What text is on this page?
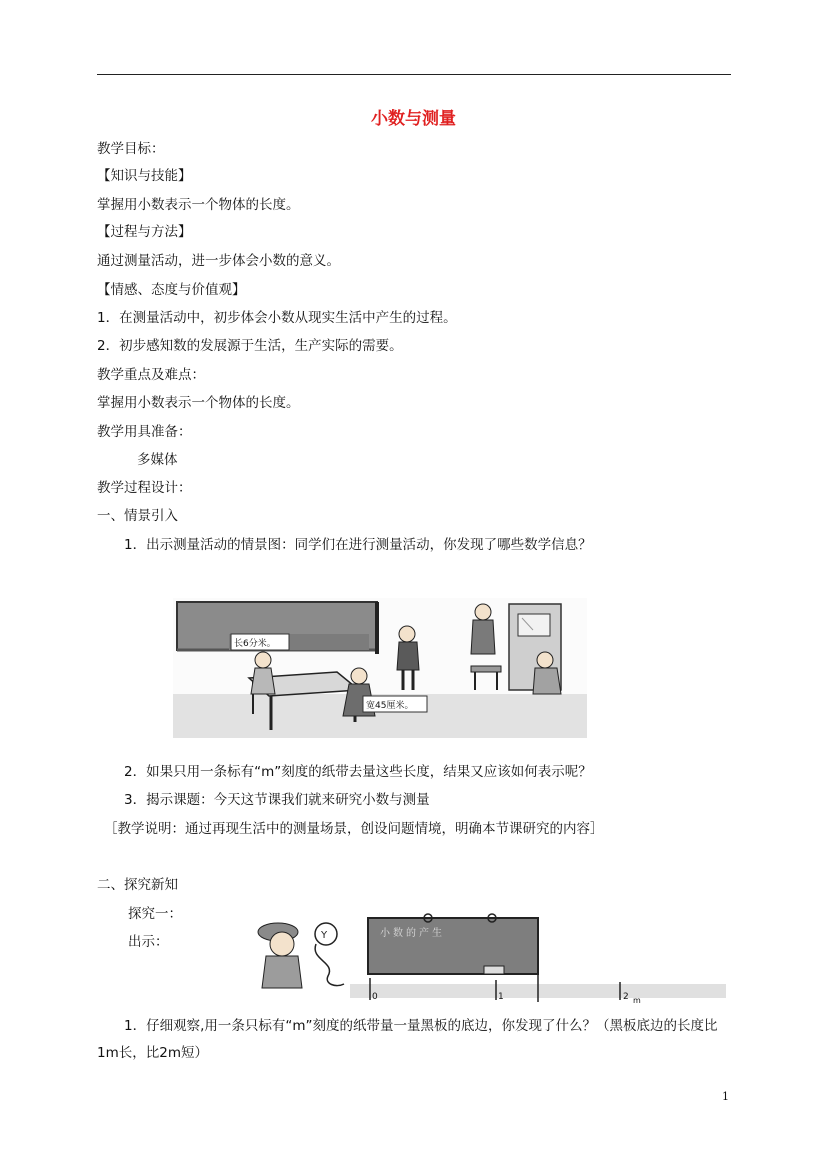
小数与测量
教学目标：
【知识与技能】
掌握用小数表示一个物体的长度。
【过程与方法】
通过测量活动，进一步体会小数的意义。
【情感、态度与价值观】
1．在测量活动中，初步体会小数从现实生活中产生的过程。
2．初步感知数的发展源于生活，生产实际的需要。
教学重点及难点：
掌握用小数表示一个物体的长度。
教学用具准备：
多媒体
教学过程设计：
一、情景引入
1．出示测量活动的情景图：同学们在进行测量活动，你发现了哪些数学信息？
长6分米。
宽45厘米。
2．如果只用一条标有“m”刻度的纸带去量这些长度，结果又应该如何表示呢？
3．揭示课题：今天这节课我们就来研究小数与测量
［教学说明：通过再现生活中的测量场景，创设问题情境，明确本节课研究的内容］
二、探究新知
探究一：
出示：	Y	小数的产生
0	1	2 m
1．仔细观察,用一条只标有“m”刻度的纸带量一量黑板的底边，你发现了什么？（黑板底边的长度比1m长，比2m短）
1
